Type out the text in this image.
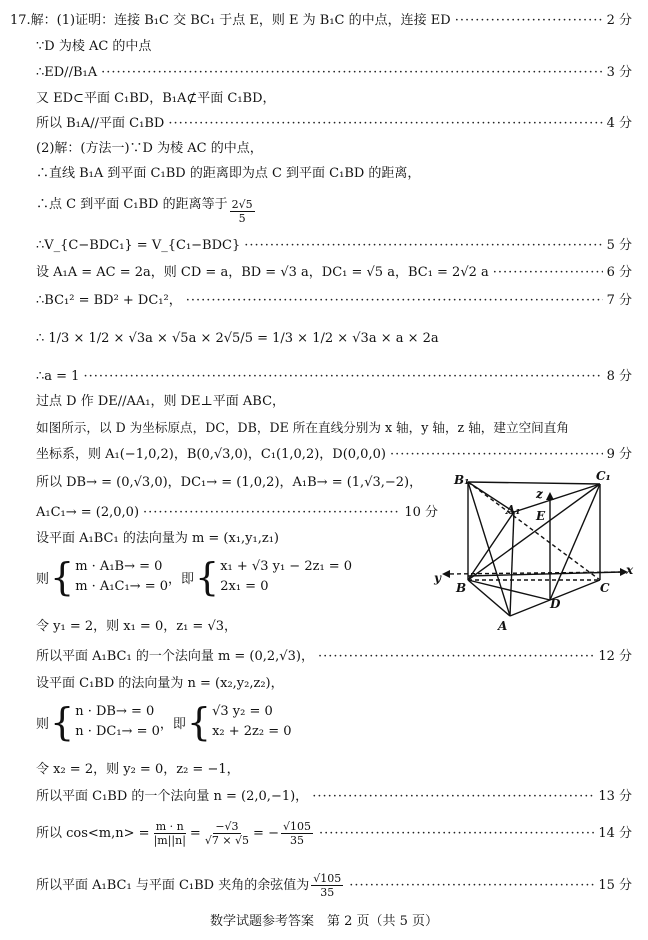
17.解：(1)证明：连接 B₁C 交 BC₁ 于点 E，则 E 为 B₁C 的中点，连接 ED ·····	2 分
∵D 为棱 AC 的中点
∴ED//B₁A ·····	3 分
又 ED⊂平面 C₁BD，B₁A⊄平面 C₁BD，
所以 B₁A//平面 C₁BD ·····	4 分
(2)解：(方法一)∵D 为棱 AC 的中点，
∴直线 B₁A 到平面 C₁BD 的距离即为点 C 到平面 C₁BD 的距离，
∴点 C 到平面 C₁BD 的距离等于 $\frac{2√5}{5}$
∴V_{C−BDC₁} = V_{C₁−BDC} ·····	5 分
设 A₁A = AC = 2a，则 CD = a，BD = √3 a，DC₁ = √5 a，BC₁ = 2√2 a ·····	6 分
∴BC₁² = BD² + DC₁²， ·····	7 分
∴ 1/3 × 1/2 × √3a × √5a × 2√5/5 = 1/3 × 1/2 × √3a × a × 2a
∴a = 1 ·····	8 分
过点 D 作 DE//AA₁，则 DE⊥平面 ABC，
如图所示，以 D 为坐标原点，DC，DB，DE 所在直线分别为 x 轴，y 轴，z 轴，建立空间直角
坐标系，则 A₁(−1,0,2)，B(0,√3,0)，C₁(1,0,2)，D(0,0,0) ·····	9 分
所以 DB→ = (0,√3,0)，DC₁→ = (1,0,2)，A₁B→ = (1,√3,−2)，
A₁C₁→ = (2,0,0) ·····	10 分
设平面 A₁BC₁ 的法向量为 m = (x₁,y₁,z₁)
则 { m · A₁B→ = 0
m · A₁C₁→ = 0 ，即 { x₁ + √3 y₁ − 2z₁ = 0
2x₁ = 0
令 y₁ = 2，则 x₁ = 0，z₁ = √3，
所以平面 A₁BC₁ 的一个法向量 m = (0,2,√3)， ·····	12 分
设平面 C₁BD 的法向量为 n = (x₂,y₂,z₂)，
则 { n · DB→ = 0
n · DC₁→ = 0 ，即 { √3 y₂ = 0
x₂ + 2z₂ = 0
令 x₂ = 2，则 y₂ = 0，z₂ = −1，
所以平面 C₁BD 的一个法向量 n = (2,0,−1)， ·····	13 分
所以 $\cos<m,n> = \frac{m \cdot n}{|m||n|} = \frac{-√3}{√7 \times √5}$ = − $\frac{√105}{35}$ ·····	14 分
所以平面 A₁BC₁ 与平面 C₁BD 夹角的余弦值为 $\frac{√105}{35}$ ·····	15 分
B₁
A₁
C₁
z
E
y
x
B	C
D
A
数学试题参考答案　第 2 页（共 5 页）
